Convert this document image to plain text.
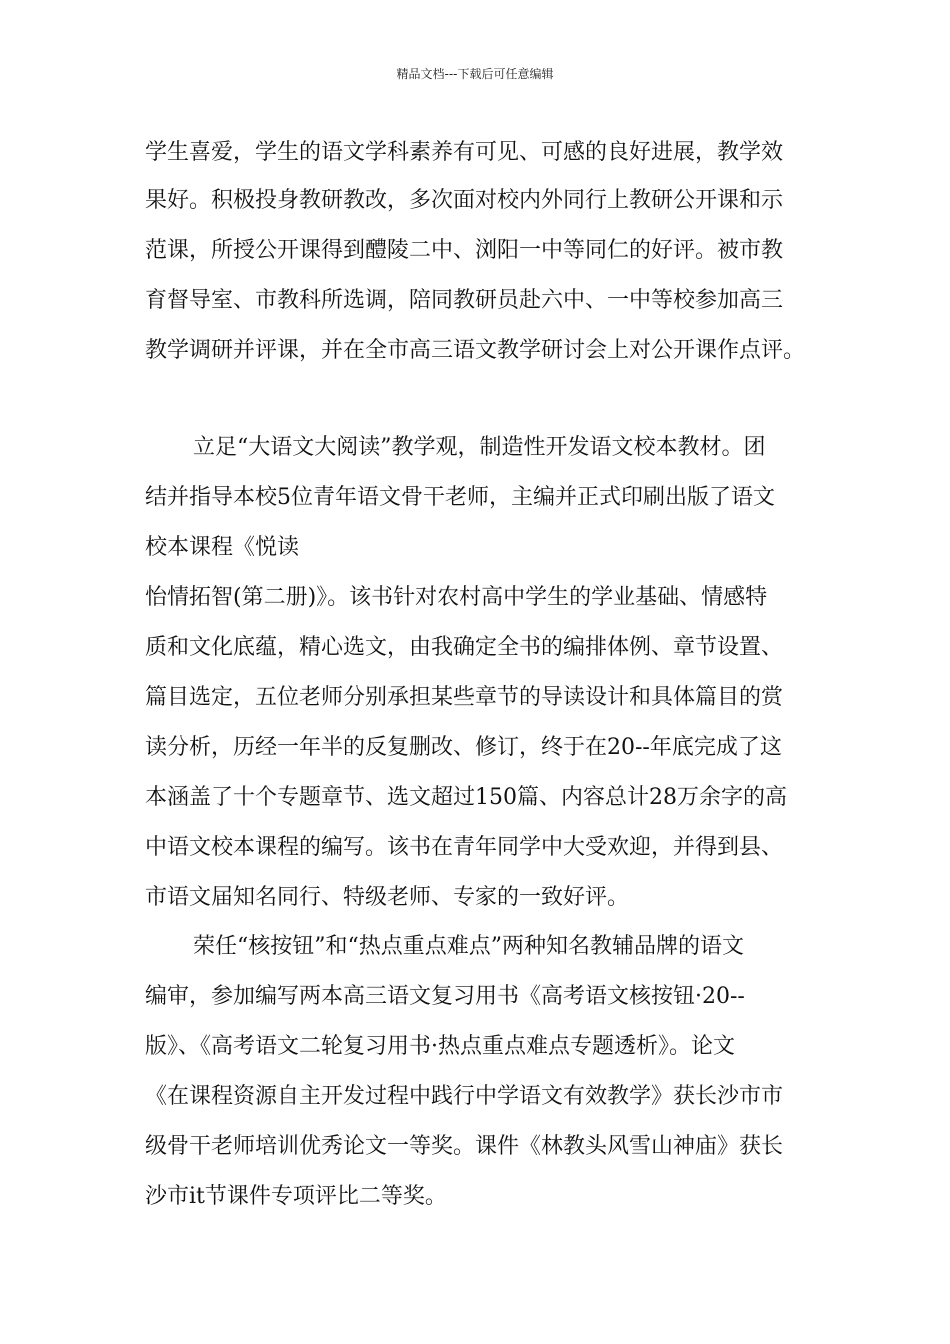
精品文档---下载后可任意编辑
学生喜爱，学生的语文学科素养有可见、可感的良好进展，教学效
果好。积极投身教研教改，多次面对校内外同行上教研公开课和示
范课，所授公开课得到醴陵二中、浏阳一中等同仁的好评。被市教
育督导室、市教科所选调，陪同教研员赴六中、一中等校参加高三
教学调研并评课，并在全市高三语文教学研讨会上对公开课作点评。
立足“大语文大阅读”教学观，制造性开发语文校本教材。团
结并指导本校5位青年语文骨干老师，主编并正式印刷出版了语文
校本课程《悦读
怡情拓智(第二册)》。该书针对农村高中学生的学业基础、情感特
质和文化底蕴，精心选文，由我确定全书的编排体例、章节设置、
篇目选定，五位老师分别承担某些章节的导读设计和具体篇目的赏
读分析，历经一年半的反复删改、修订，终于在20--年底完成了这
本涵盖了十个专题章节、选文超过150篇、内容总计28万余字的高
中语文校本课程的编写。该书在青年同学中大受欢迎，并得到县、
市语文届知名同行、特级老师、专家的一致好评。
荣任“核按钮”和“热点重点难点”两种知名教辅品牌的语文
编审，参加编写两本高三语文复习用书《高考语文核按钮·20--
版》、《高考语文二轮复习用书·热点重点难点专题透析》。论文
《在课程资源自主开发过程中践行中学语文有效教学》获长沙市市
级骨干老师培训优秀论文一等奖。课件《林教头风雪山神庙》获长
沙市it节课件专项评比二等奖。
